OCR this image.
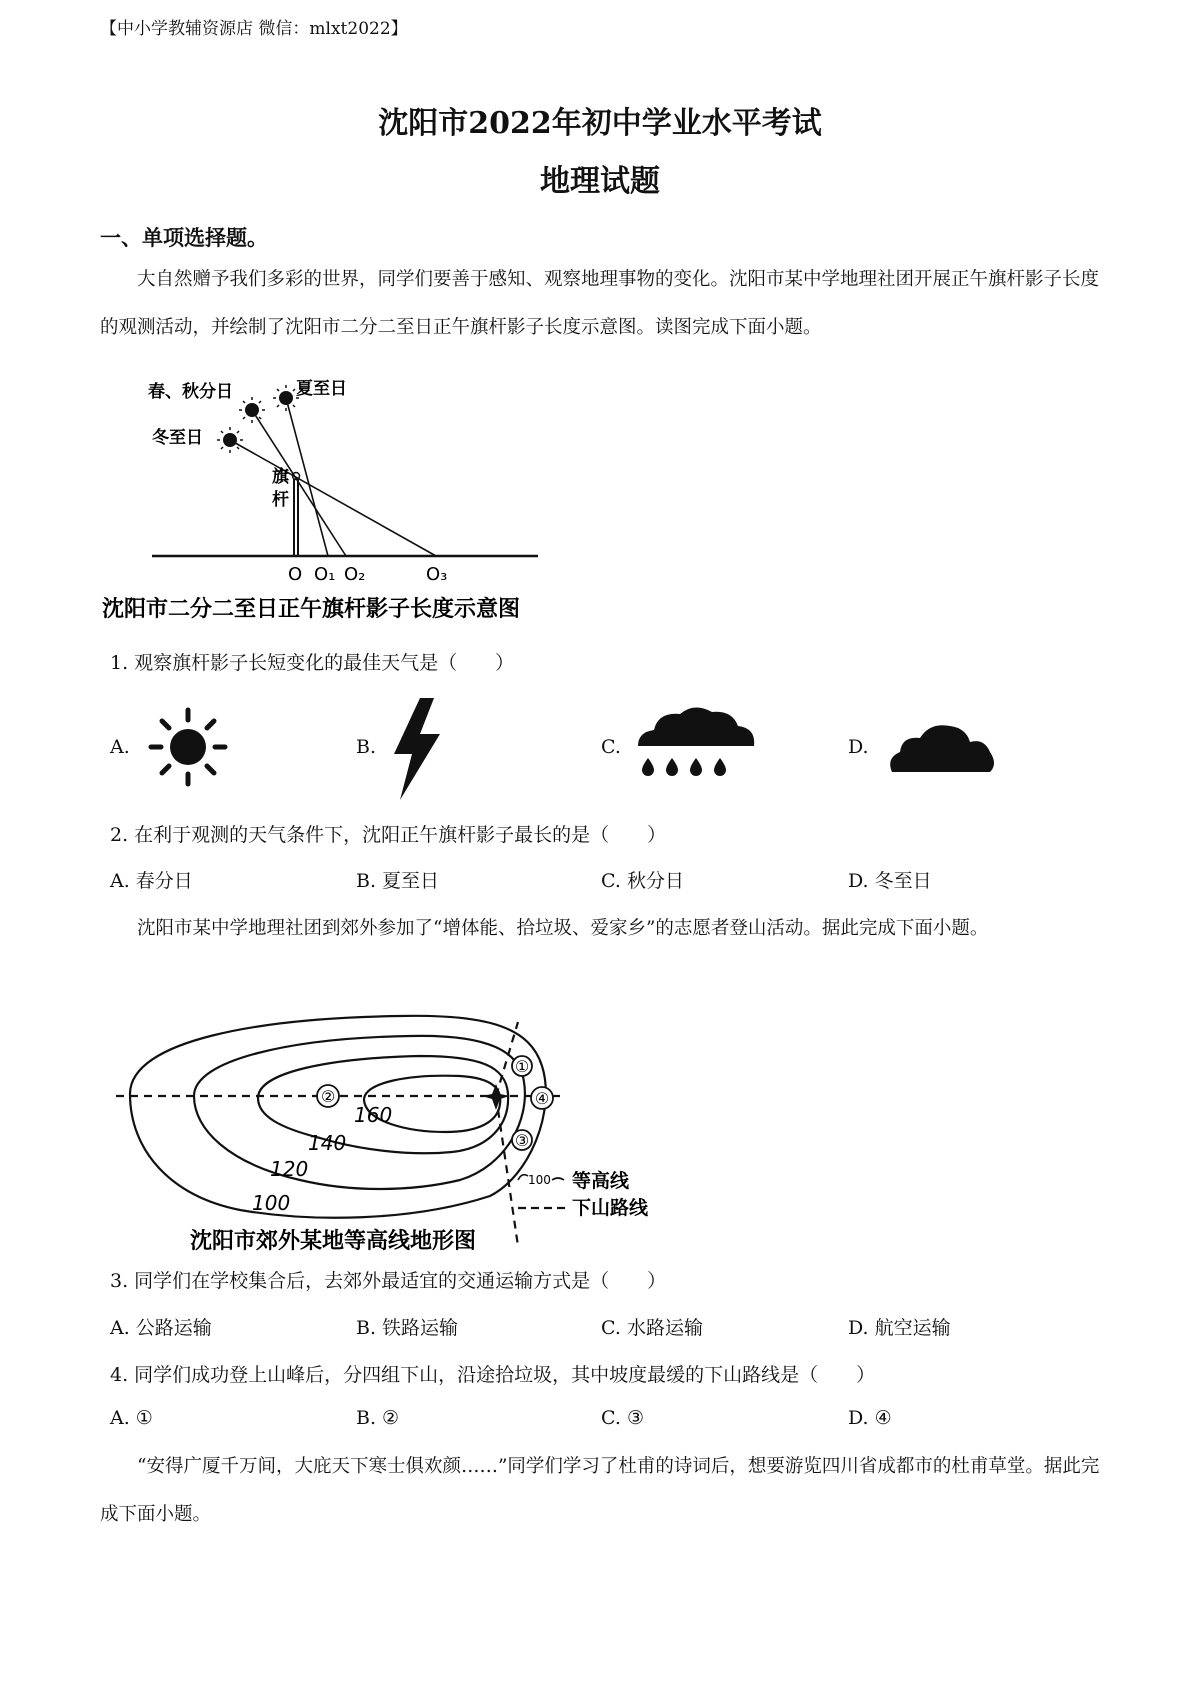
【中小学教辅资源店 微信：mlxt2022】
沈阳市2022年初中学业水平考试
地理试题
一、单项选择题。
大自然赠予我们多彩的世界，同学们要善于感知、观察地理事物的变化。沈阳市某中学地理社团开展正午旗杆影子长度的观测活动，并绘制了沈阳市二分二至日正午旗杆影子长度示意图。读图完成下面小题。
夏至日
春、秋分日
冬至日
旗
杆
O O₁ O₂	O₃
沈阳市二分二至日正午旗杆影子长度示意图
1. 观察旗杆影子长短变化的最佳天气是（　　）
A.	B.	C.	D.
2. 在利于观测的天气条件下，沈阳正午旗杆影子最长的是（　　）
A. 春分日	B. 夏至日	C. 秋分日	D. 冬至日
沈阳市某中学地理社团到郊外参加了“增体能、拾垃圾、爱家乡”的志愿者登山活动。据此完成下面小题。
①
②
③
④
160
140
120
100
100 等高线
下山路线
沈阳市郊外某地等高线地形图
3. 同学们在学校集合后，去郊外最适宜的交通运输方式是（　　）
A. 公路运输	B. 铁路运输	C. 水路运输	D. 航空运输
4. 同学们成功登上山峰后，分四组下山，沿途拾垃圾，其中坡度最缓的下山路线是（　　）
A. ①	B. ②	C. ③	D. ④
“安得广厦千万间，大庇天下寒士俱欢颜……”同学们学习了杜甫的诗词后，想要游览四川省成都市的杜甫草堂。据此完成下面小题。
